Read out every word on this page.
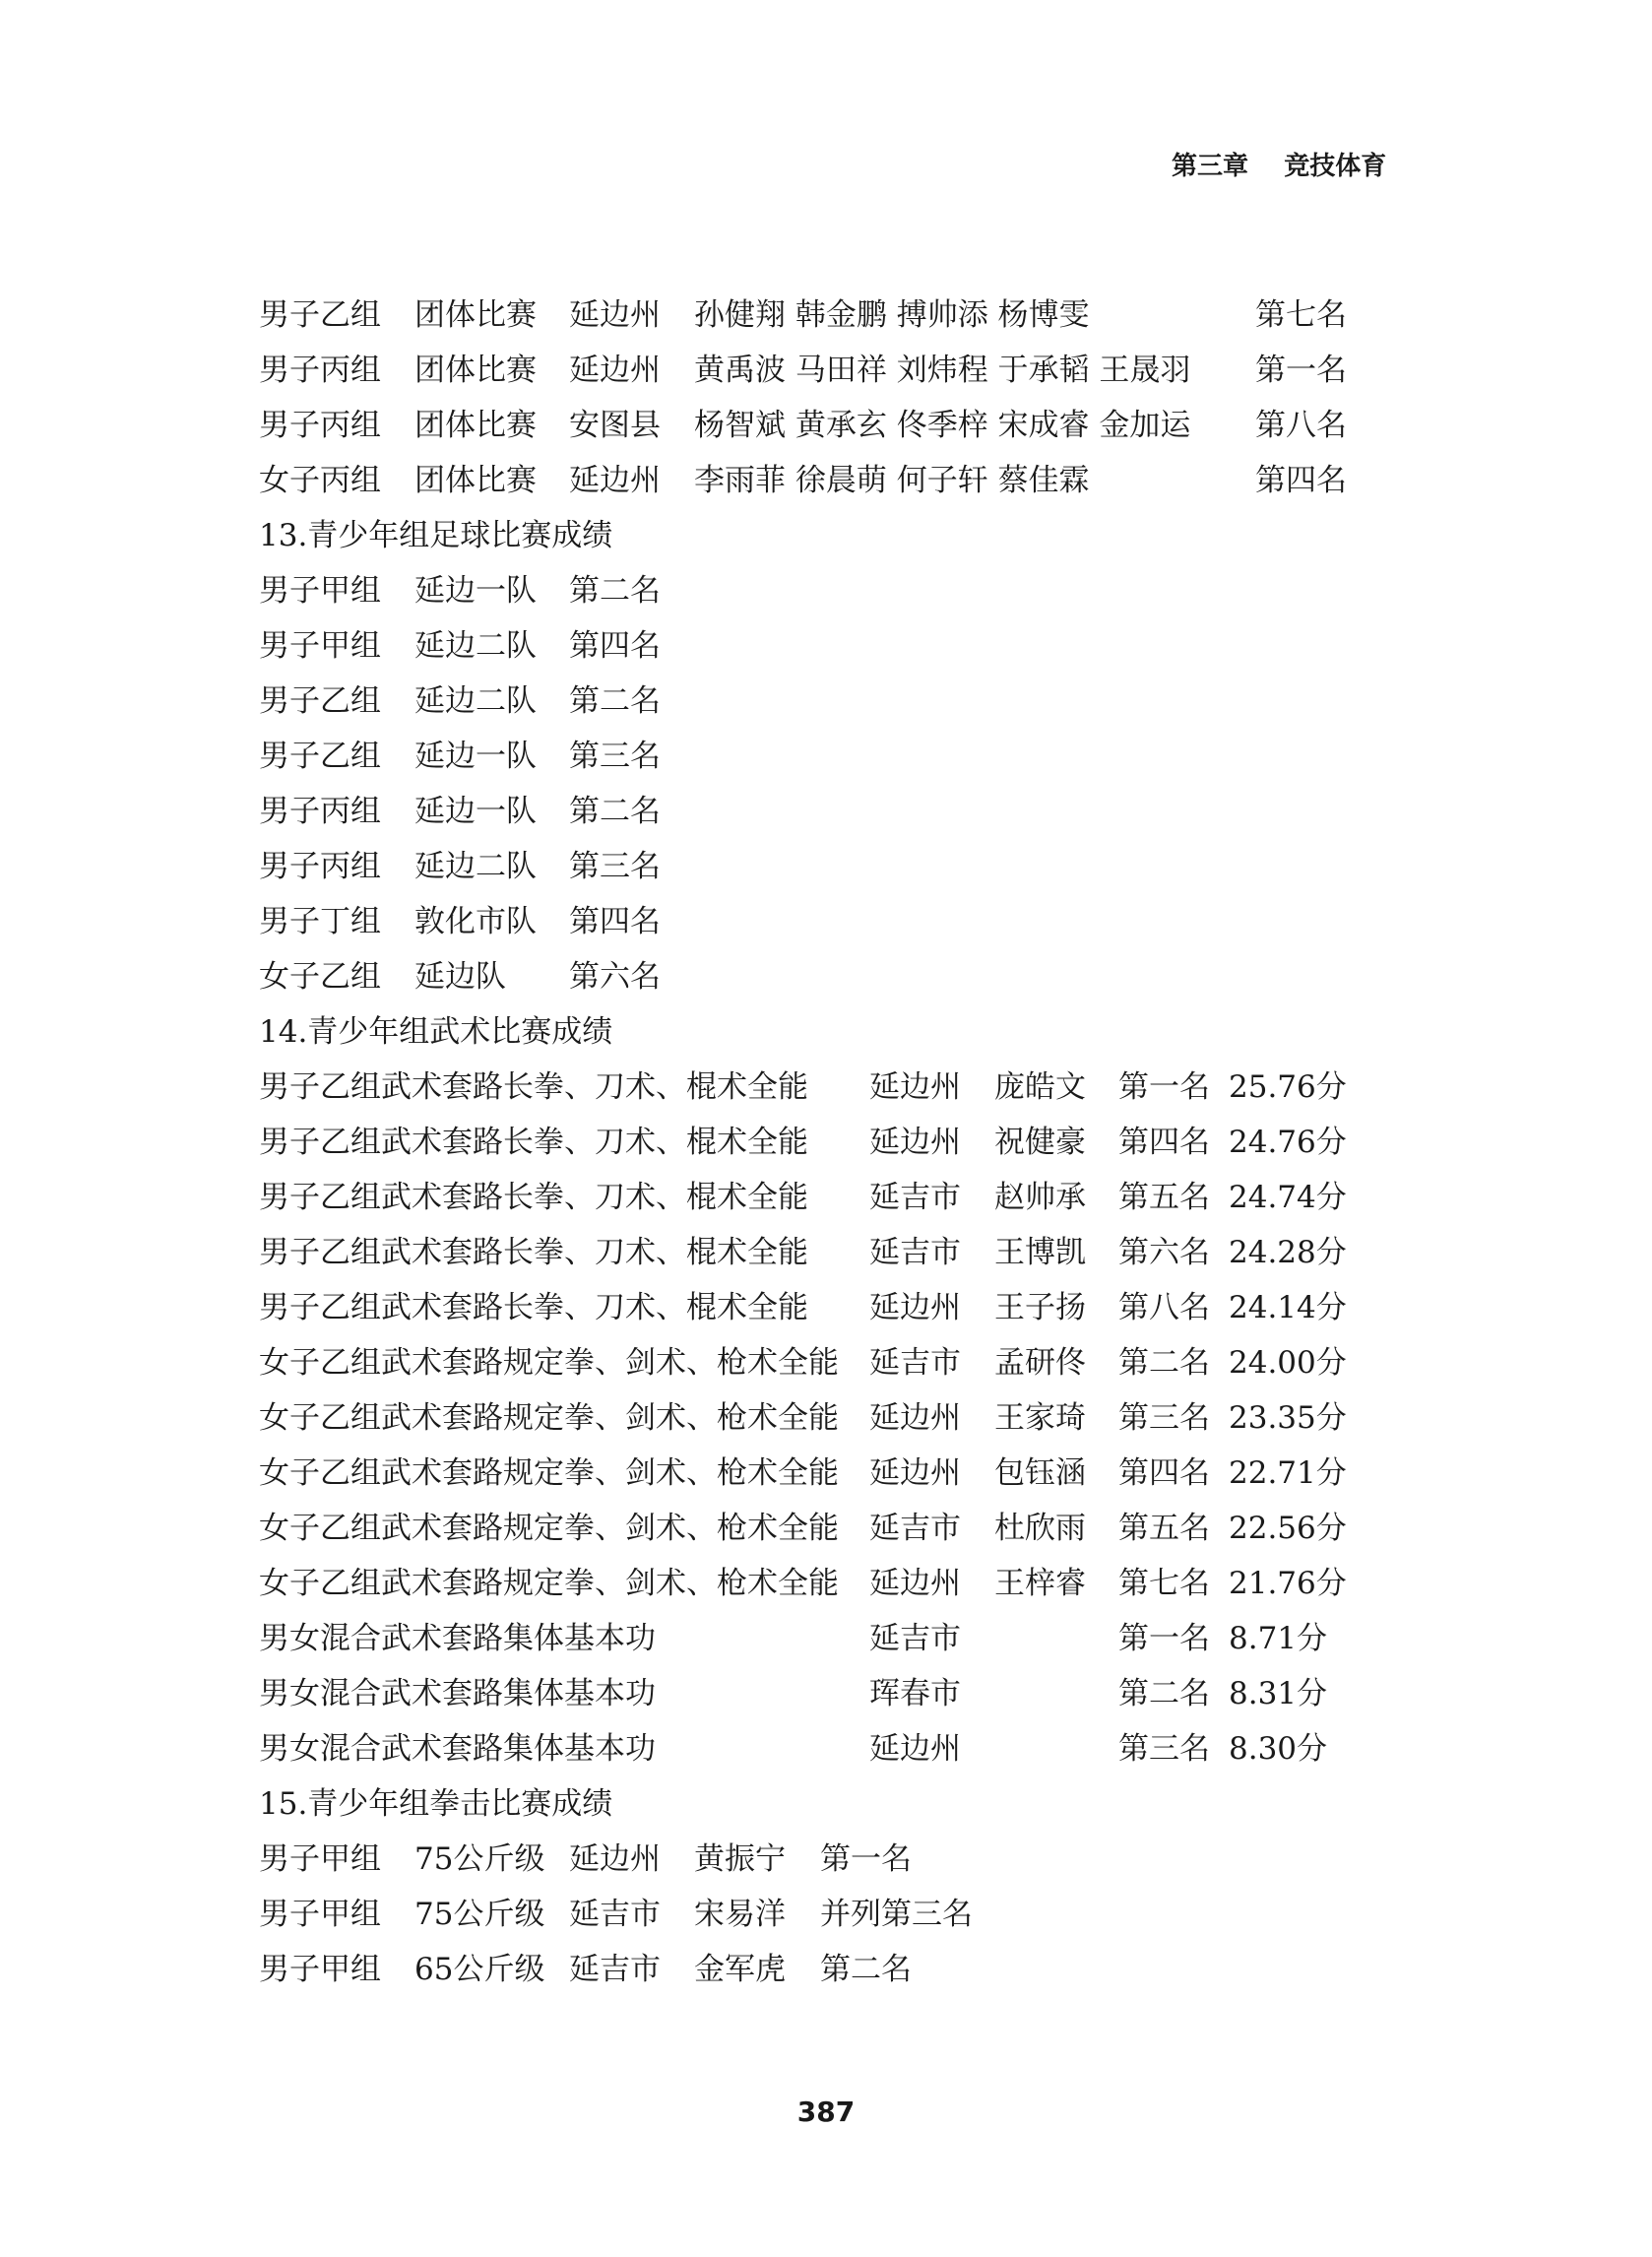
第三章    竞技体育
男子乙组 团体比赛 延边州 孙健翔 韩金鹏 搏帅添 杨博雯	第七名
男子丙组 团体比赛 延边州 黄禹波 马田祥 刘炜程 于承韬 王晟羽 第一名
男子丙组 团体比赛 安图县 杨智斌 黄承玄 佟季梓 宋成睿 金加运 第八名
女子丙组 团体比赛 延边州 李雨菲 徐晨萌 何子轩 蔡佳霖	第四名
13.青少年组足球比赛成绩
男子甲组 延边一队 第二名
男子甲组 延边二队 第四名
男子乙组 延边二队 第二名
男子乙组 延边一队 第三名
男子丙组 延边一队 第二名
男子丙组 延边二队 第三名
男子丁组 敦化市队 第四名
女子乙组 延边队 第六名
14.青少年组武术比赛成绩
男子乙组武术套路长拳、刀术、棍术全能 延边州 庞皓文 第一名 25.76分
男子乙组武术套路长拳、刀术、棍术全能 延边州 祝健豪 第四名 24.76分
男子乙组武术套路长拳、刀术、棍术全能 延吉市 赵帅承 第五名 24.74分
男子乙组武术套路长拳、刀术、棍术全能 延吉市 王博凯 第六名 24.28分
男子乙组武术套路长拳、刀术、棍术全能 延边州 王子扬 第八名 24.14分
女子乙组武术套路规定拳、剑术、枪术全能 延吉市 孟研佟 第二名 24.00分
女子乙组武术套路规定拳、剑术、枪术全能 延边州 王家琦 第三名 23.35分
女子乙组武术套路规定拳、剑术、枪术全能 延边州 包钰涵 第四名 22.71分
女子乙组武术套路规定拳、剑术、枪术全能 延吉市 杜欣雨 第五名 22.56分
女子乙组武术套路规定拳、剑术、枪术全能 延边州 王梓睿 第七名 21.76分
男女混合武术套路集体基本功	延吉市	第一名 8.71分
男女混合武术套路集体基本功	珲春市	第二名 8.31分
男女混合武术套路集体基本功	延边州	第三名 8.30分
15.青少年组拳击比赛成绩
男子甲组 75公斤级 延边州 黄振宁 第一名
男子甲组 75公斤级 延吉市 宋易洋 并列第三名
男子甲组 65公斤级 延吉市 金军虎 第二名
387
